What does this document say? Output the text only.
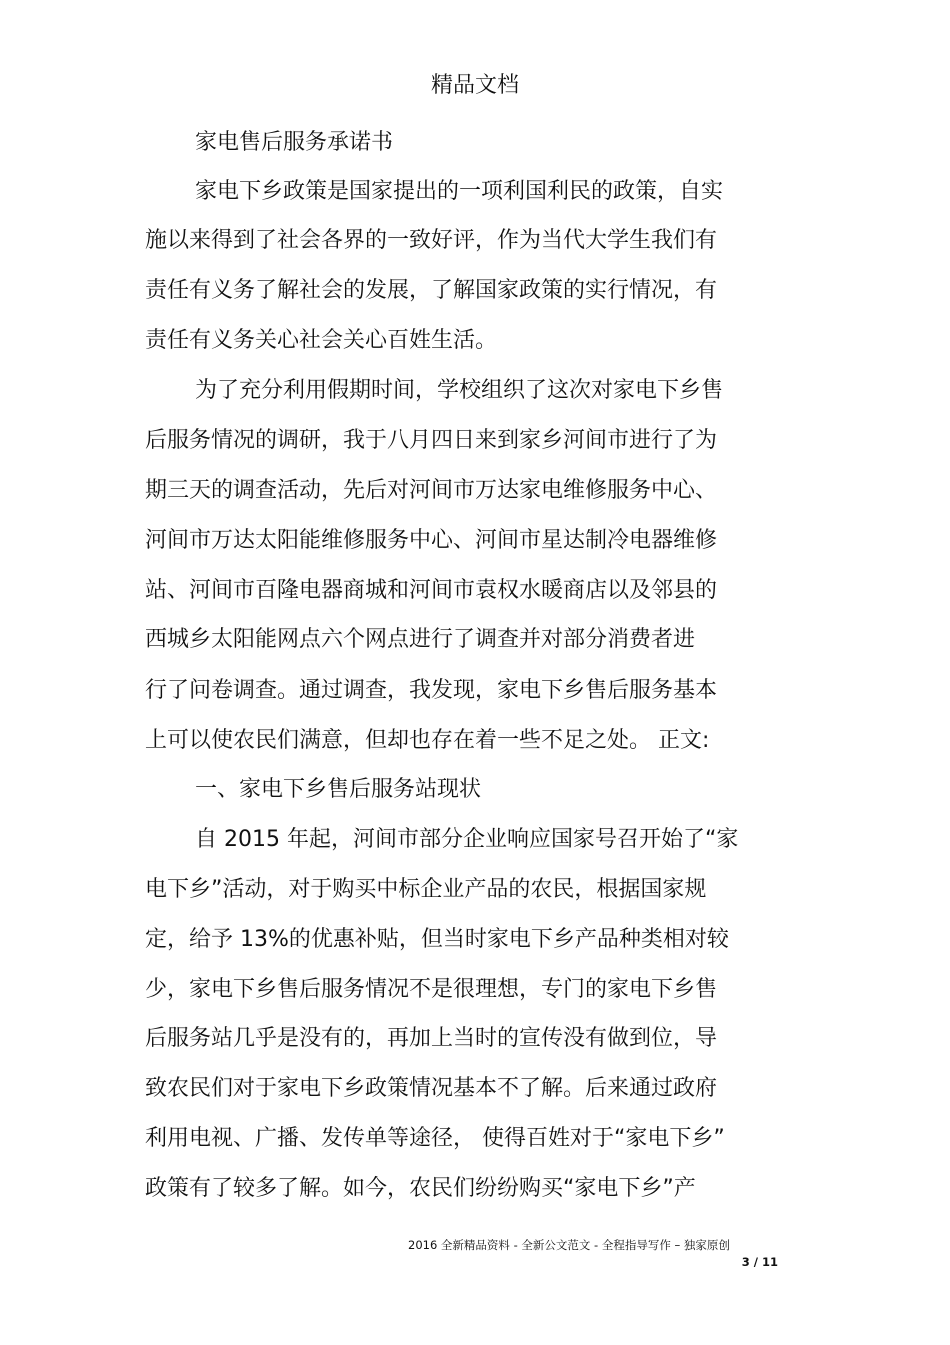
精品文档
家电售后服务承诺书
家电下乡政策是国家提出的一项利国利民的政策，自实
施以来得到了社会各界的一致好评，作为当代大学生我们有
责任有义务了解社会的发展，了解国家政策的实行情况，有
责任有义务关心社会关心百姓生活。
为了充分利用假期时间，学校组织了这次对家电下乡售
后服务情况的调研，我于八月四日来到家乡河间市进行了为
期三天的调查活动，先后对河间市万达家电维修服务中心、
河间市万达太阳能维修服务中心、河间市星达制冷电器维修
站、河间市百隆电器商城和河间市袁权水暖商店以及邻县的
西城乡太阳能网点六个网点进行了调查并对部分消费者进
行了问卷调查。通过调查，我发现，家电下乡售后服务基本
上可以使农民们满意，但却也存在着一些不足之处。 正文:
一、家电下乡售后服务站现状
自 2015 年起，河间市部分企业响应国家号召开始了“家
电下乡”活动，对于购买中标企业产品的农民，根据国家规
定，给予 13%的优惠补贴，但当时家电下乡产品种类相对较
少，家电下乡售后服务情况不是很理想，专门的家电下乡售
后服务站几乎是没有的，再加上当时的宣传没有做到位，导
致农民们对于家电下乡政策情况基本不了解。后来通过政府
利用电视、广播、发传单等途径， 使得百姓对于“家电下乡”
政策有了较多了解。如今，农民们纷纷购买“家电下乡”产
2016 全新精品资料 - 全新公文范文 - 全程指导写作 – 独家原创
3 / 11
